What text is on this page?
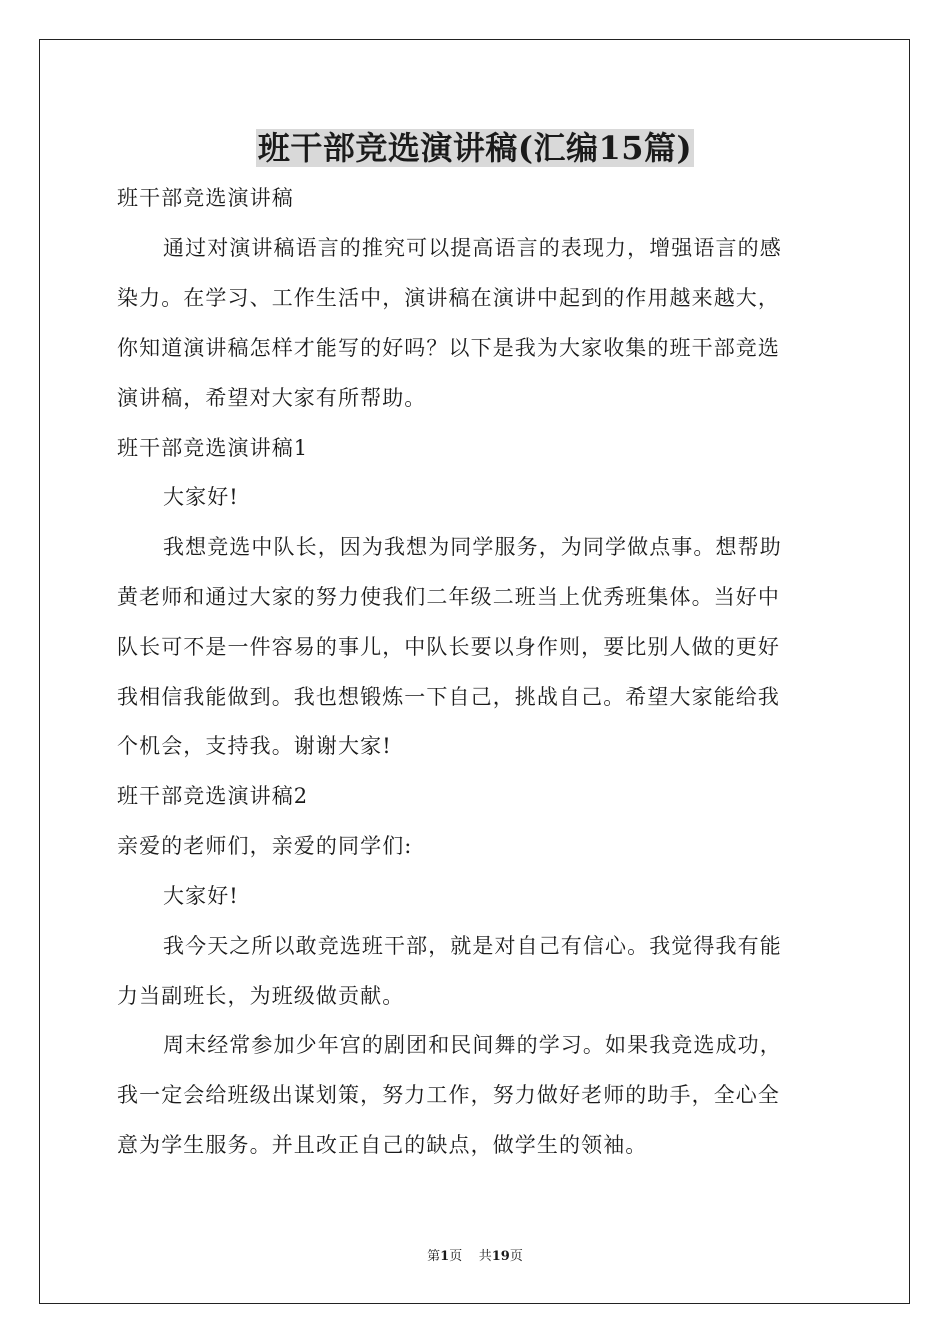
班干部竞选演讲稿(汇编15篇)
班干部竞选演讲稿
通过对演讲稿语言的推究可以提高语言的表现力，增强语言的感
染力。在学习、工作生活中，演讲稿在演讲中起到的作用越来越大，
你知道演讲稿怎样才能写的好吗？以下是我为大家收集的班干部竞选
演讲稿，希望对大家有所帮助。
班干部竞选演讲稿1
大家好!
我想竞选中队长，因为我想为同学服务，为同学做点事。想帮助
黄老师和通过大家的努力使我们二年级二班当上优秀班集体。当好中
队长可不是一件容易的事儿，中队长要以身作则，要比别人做的更好
我相信我能做到。我也想锻炼一下自己，挑战自己。希望大家能给我
个机会，支持我。谢谢大家!
班干部竞选演讲稿2
亲爱的老师们，亲爱的同学们:
大家好!
我今天之所以敢竞选班干部，就是对自己有信心。我觉得我有能
力当副班长，为班级做贡献。
周末经常参加少年宫的剧团和民间舞的学习。如果我竞选成功，
我一定会给班级出谋划策，努力工作，努力做好老师的助手，全心全
意为学生服务。并且改正自己的缺点，做学生的领袖。
第1页 共19页
